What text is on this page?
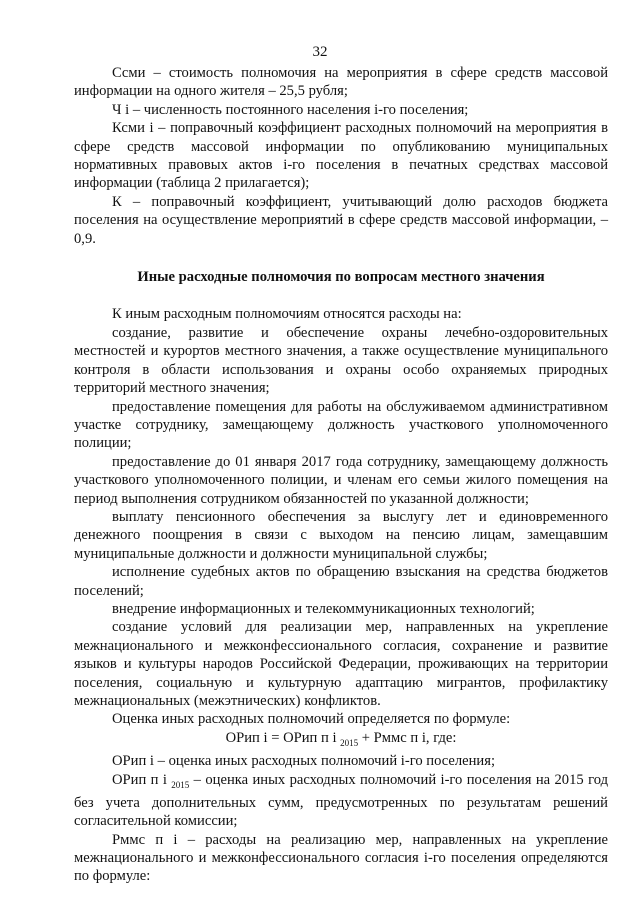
32

Ссми – стоимость полномочия на мероприятия в сфере средств массовой информации на одного жителя – 25,5 рубля;

Ч i – численность постоянного населения i-го поселения;

Ксми i – поправочный коэффициент расходных полномочий на мероприятия в сфере средств массовой информации по опубликованию муниципальных нормативных правовых актов i-го поселения в печатных средствах массовой информации (таблица 2 прилагается);

К – поправочный коэффициент, учитывающий долю расходов бюджета поселения на осуществление мероприятий в сфере средств массовой информации, – 0,9.

Иные расходные полномочия по вопросам местного значения

К иным расходным полномочиям относятся расходы на:

создание, развитие и обеспечение охраны лечебно-оздоровительных местностей и курортов местного значения, а также осуществление муниципального контроля в области использования и охраны особо охраняемых природных территорий местного значения;

предоставление помещения для работы на обслуживаемом административном участке сотруднику, замещающему должность участкового уполномоченного полиции;

предоставление до 01 января 2017 года сотруднику, замещающему должность участкового уполномоченного полиции, и членам его семьи жилого помещения на период выполнения сотрудником обязанностей по указанной должности;

выплату пенсионного обеспечения за выслугу лет и единовременного денежного поощрения в связи с выходом на пенсию лицам, замещавшим муниципальные должности и должности муниципальной службы;

исполнение судебных актов по обращению взыскания на средства бюджетов поселений;

внедрение информационных и телекоммуникационных технологий;

создание условий для реализации мер, направленных на укрепление межнационального и межконфессионального согласия, сохранение и развитие языков и культуры народов Российской Федерации, проживающих на территории поселения, социальную и культурную адаптацию мигрантов, профилактику межнациональных (межэтнических) конфликтов.

Оценка иных расходных полномочий определяется по формуле:

ОРип i = ОРип п i $_{2015}$ + Рммс п i, где:

ОРип i – оценка иных расходных полномочий i-го поселения;

ОРип п i $_{2015}$ – оценка иных расходных полномочий i-го поселения на 2015 год без учета дополнительных сумм, предусмотренных по результатам решений согласительной комиссии;

Рммс п i – расходы на реализацию мер, направленных на укрепление межнационального и межконфессионального согласия i-го поселения определяются по формуле:
